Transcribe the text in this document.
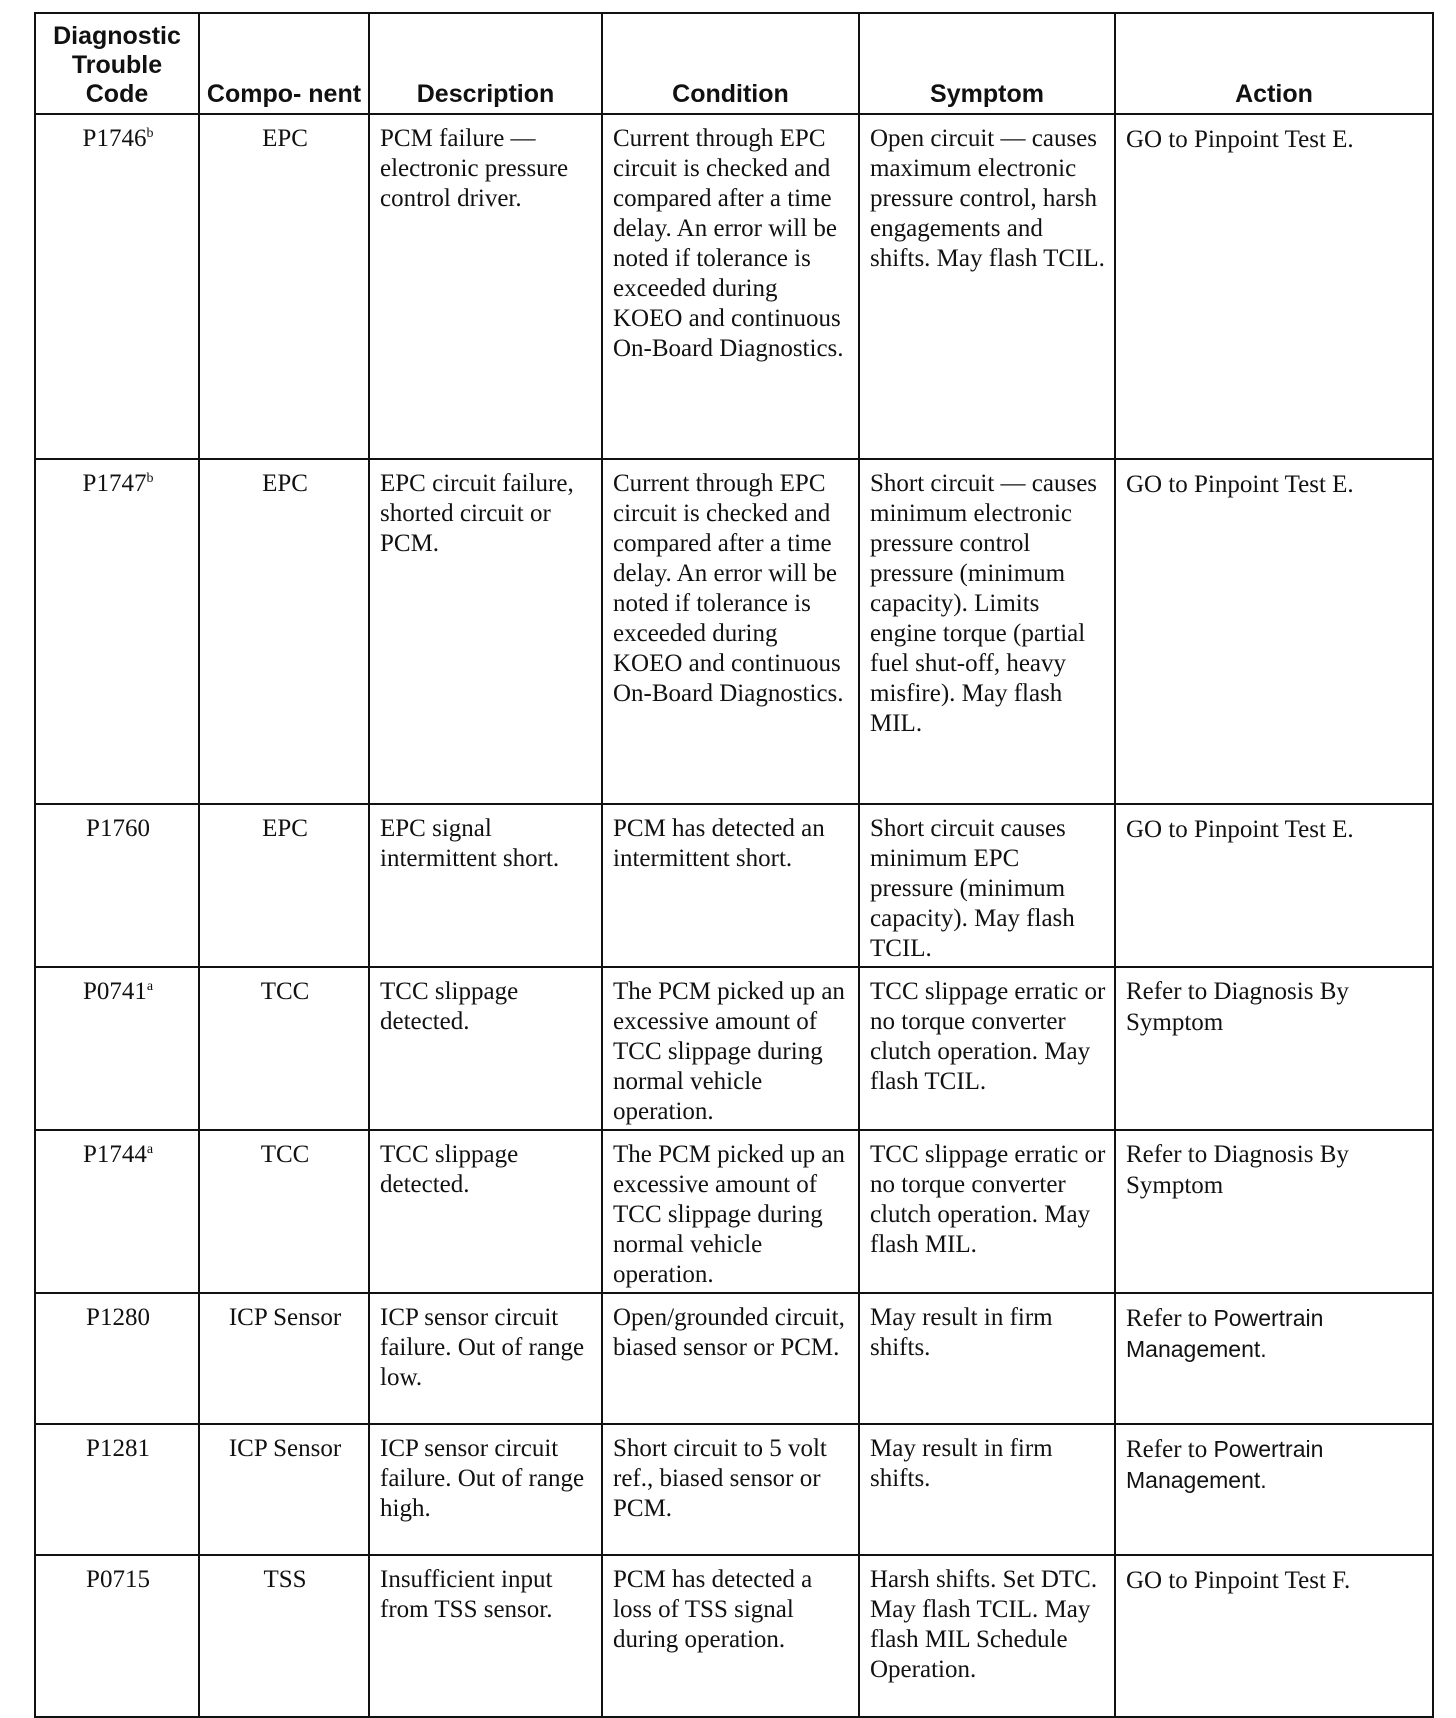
Diagnostic Trouble Code	Compo- nent	Description	Condition	Symptom	Action
P1746$^b$	EPC	PCM failure — electronic pressure control driver.	Current through EPC circuit is checked and compared after a time delay. An error will be noted if tolerance is exceeded during KOEO and continuous On-Board Diagnostics.	Open circuit — causes maximum electronic pressure control, harsh engagements and shifts. May flash TCIL.	GO to Pinpoint Test E.
P1747$^b$	EPC	EPC circuit failure, shorted circuit or PCM.	Current through EPC circuit is checked and compared after a time delay. An error will be noted if tolerance is exceeded during KOEO and continuous On-Board Diagnostics.	Short circuit — causes minimum electronic pressure control pressure (minimum capacity). Limits engine torque (partial fuel shut-off, heavy misfire). May flash MIL.	GO to Pinpoint Test E.
P1760	EPC	EPC signal intermittent short.	PCM has detected an intermittent short.	Short circuit causes minimum EPC pressure (minimum capacity). May flash TCIL.	GO to Pinpoint Test E.
P0741$^a$	TCC	TCC slippage detected.	The PCM picked up an excessive amount of TCC slippage during normal vehicle operation.	TCC slippage erratic or no torque converter clutch operation. May flash TCIL.	Refer to Diagnosis By Symptom
P1744$^a$	TCC	TCC slippage detected.	The PCM picked up an excessive amount of TCC slippage during normal vehicle operation.	TCC slippage erratic or no torque converter clutch operation. May flash MIL.	Refer to Diagnosis By Symptom
P1280	ICP Sensor	ICP sensor circuit failure. Out of range low.	Open/grounded circuit, biased sensor or PCM.	May result in firm shifts.	Refer to Powertrain Management.
P1281	ICP Sensor	ICP sensor circuit failure. Out of range high.	Short circuit to 5 volt ref., biased sensor or PCM.	May result in firm shifts.	Refer to Powertrain Management.
P0715	TSS	Insufficient input from TSS sensor.	PCM has detected a loss of TSS signal during operation.	Harsh shifts. Set DTC. May flash TCIL. May flash MIL Schedule Operation.	GO to Pinpoint Test F.
